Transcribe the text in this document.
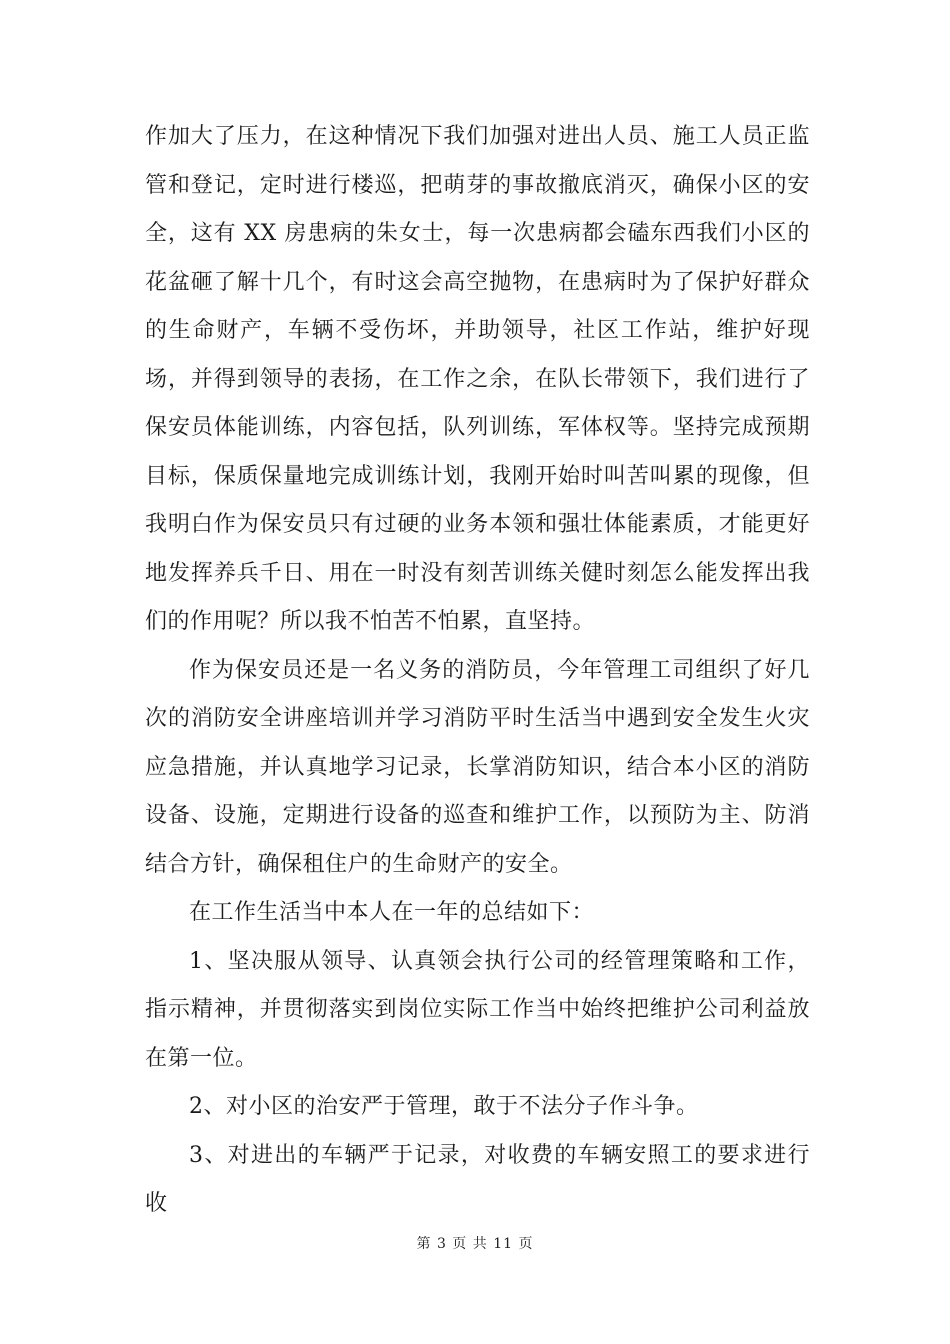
作加大了压力，在这种情况下我们加强对进出人员、施工人员正监管和登记，定时进行楼巡，把萌芽的事故撤底消灭，确保小区的安全，这有 XX 房患病的朱女士，每一次患病都会磕东西我们小区的花盆砸了解十几个，有时这会高空抛物，在患病时为了保护好群众的生命财产，车辆不受伤坏，并助领导，社区工作站，维护好现场，并得到领导的表扬，在工作之余，在队长带领下，我们进行了保安员体能训练，内容包括，队列训练，军体权等。坚持完成预期目标，保质保量地完成训练计划，我刚开始时叫苦叫累的现像，但我明白作为保安员只有过硬的业务本领和强壮体能素质，才能更好地发挥养兵千日、用在一时没有刻苦训练关健时刻怎么能发挥出我们的作用呢？所以我不怕苦不怕累，直坚持。

作为保安员还是一名义务的消防员，今年管理工司组织了好几次的消防安全讲座培训并学习消防平时生活当中遇到安全发生火灾应急措施，并认真地学习记录，长掌消防知识，结合本小区的消防设备、设施，定期进行设备的巡查和维护工作，以预防为主、防消结合方针，确保租住户的生命财产的安全。

在工作生活当中本人在一年的总结如下：

1、坚决服从领导、认真领会执行公司的经管理策略和工作，指示精神，并贯彻落实到岗位实际工作当中始终把维护公司利益放在第一位。

2、对小区的治安严于管理，敢于不法分子作斗争。

3、对进出的车辆严于记录，对收费的车辆安照工的要求进行收

第 3 页 共 11 页
